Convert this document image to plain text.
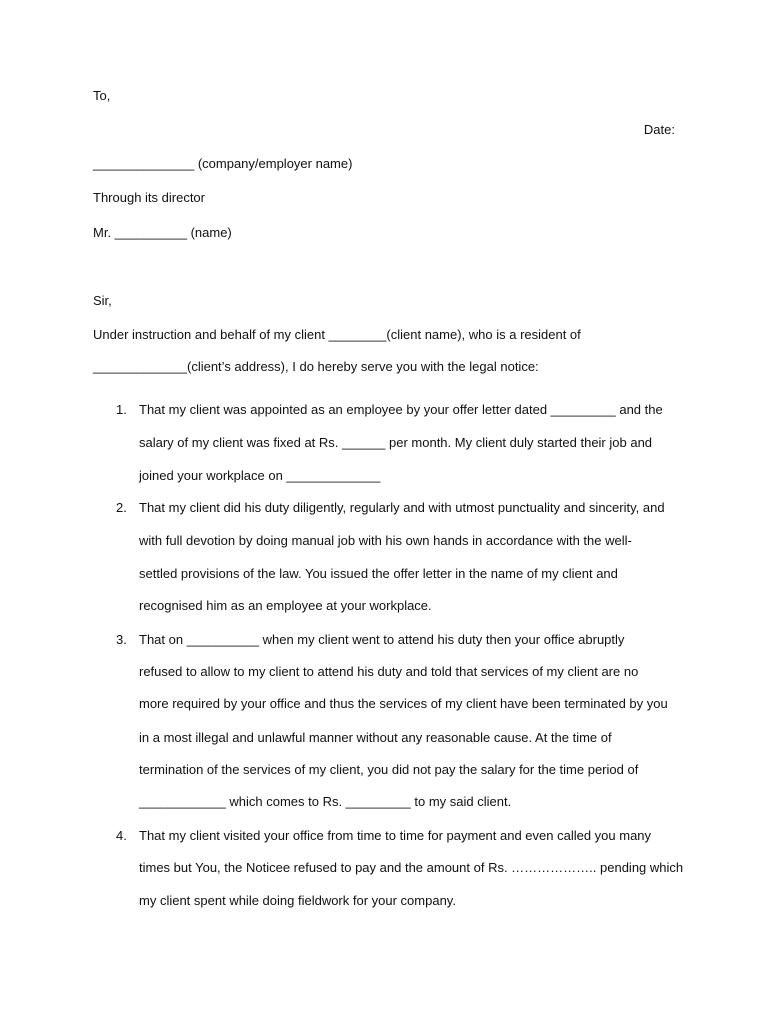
To,
Date:
______________ (company/employer name)
Through its director
Mr. __________ (name)
Sir,
Under instruction and behalf of my client ________(client name), who is a resident of
_____________(client’s address), I do hereby serve you with the legal notice:
1. That my client was appointed as an employee by your offer letter dated _________ and the
salary of my client was fixed at Rs. ______ per month. My client duly started their job and
joined your workplace on _____________
2. That my client did his duty diligently, regularly and with utmost punctuality and sincerity, and
with full devotion by doing manual job with his own hands in accordance with the well-
settled provisions of the law. You issued the offer letter in the name of my client and
recognised him as an employee at your workplace.
3. That on __________ when my client went to attend his duty then your office abruptly
refused to allow to my client to attend his duty and told that services of my client are no
more required by your office and thus the services of my client have been terminated by you
in a most illegal and unlawful manner without any reasonable cause. At the time of
termination of the services of my client, you did not pay the salary for the time period of
____________ which comes to Rs. _________ to my said client.
4. That my client visited your office from time to time for payment and even called you many
times but You, the Noticee refused to pay and the amount of Rs. ……………….. pending which
my client spent while doing fieldwork for your company.
